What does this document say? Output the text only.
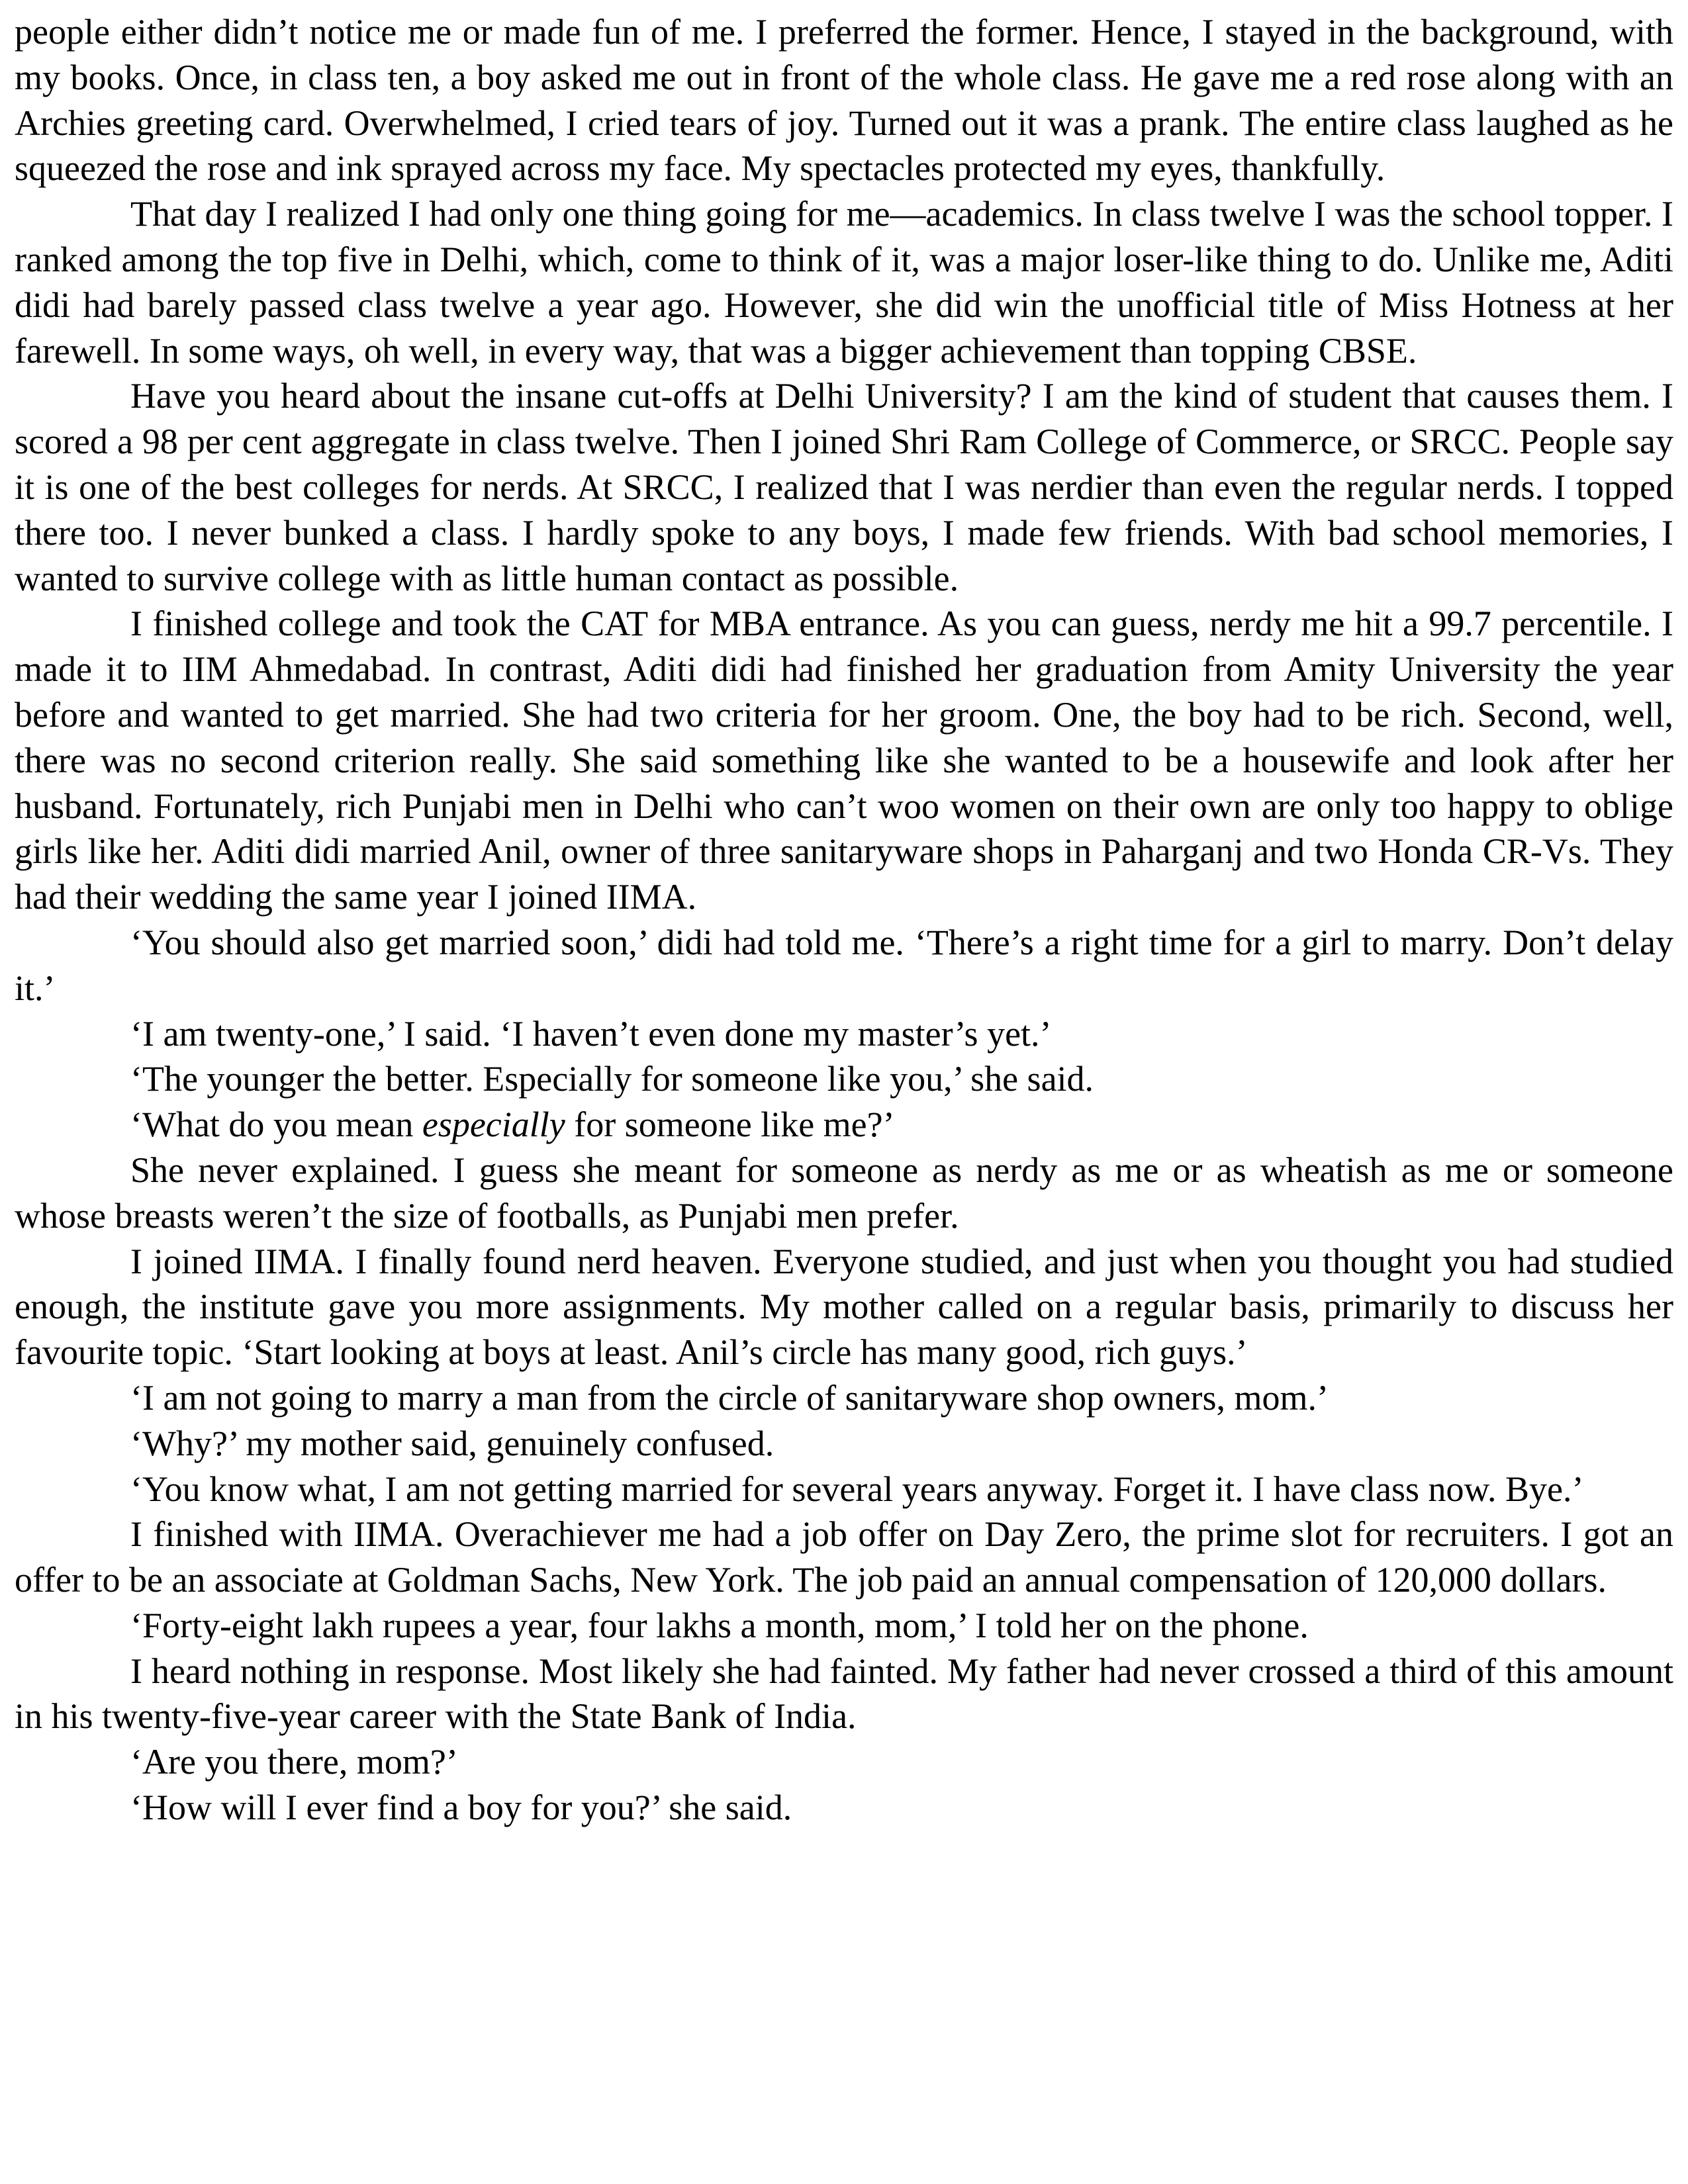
people either didn’t notice me or made fun of me. I preferred the former. Hence, I stayed in the background, with my books. Once, in class ten, a boy asked me out in front of the whole class. He gave me a red rose along with an Archies greeting card. Overwhelmed, I cried tears of joy. Turned out it was a prank. The entire class laughed as he squeezed the rose and ink sprayed across my face. My spectacles protected my eyes, thankfully.

That day I realized I had only one thing going for me—academics. In class twelve I was the school topper. I ranked among the top five in Delhi, which, come to think of it, was a major loser-like thing to do. Unlike me, Aditi didi had barely passed class twelve a year ago. However, she did win the unofficial title of Miss Hotness at her farewell. In some ways, oh well, in every way, that was a bigger achievement than topping CBSE.

Have you heard about the insane cut-offs at Delhi University? I am the kind of student that causes them. I scored a 98 per cent aggregate in class twelve. Then I joined Shri Ram College of Commerce, or SRCC. People say it is one of the best colleges for nerds. At SRCC, I realized that I was nerdier than even the regular nerds. I topped there too. I never bunked a class. I hardly spoke to any boys, I made few friends. With bad school memories, I wanted to survive college with as little human contact as possible.

I finished college and took the CAT for MBA entrance. As you can guess, nerdy me hit a 99.7 percentile. I made it to IIM Ahmedabad. In contrast, Aditi didi had finished her graduation from Amity University the year before and wanted to get married. She had two criteria for her groom. One, the boy had to be rich. Second, well, there was no second criterion really. She said something like she wanted to be a housewife and look after her husband. Fortunately, rich Punjabi men in Delhi who can’t woo women on their own are only too happy to oblige girls like her. Aditi didi married Anil, owner of three sanitaryware shops in Paharganj and two Honda CR-Vs. They had their wedding the same year I joined IIMA.

‘You should also get married soon,’ didi had told me. ‘There’s a right time for a girl to marry. Don’t delay it.’

‘I am twenty-one,’ I said. ‘I haven’t even done my master’s yet.’

‘The younger the better. Especially for someone like you,’ she said.

‘What do you mean especially for someone like me?’

She never explained. I guess she meant for someone as nerdy as me or as wheatish as me or someone whose breasts weren’t the size of footballs, as Punjabi men prefer.

I joined IIMA. I finally found nerd heaven. Everyone studied, and just when you thought you had studied enough, the institute gave you more assignments. My mother called on a regular basis, primarily to discuss her favourite topic. ‘Start looking at boys at least. Anil’s circle has many good, rich guys.’

‘I am not going to marry a man from the circle of sanitaryware shop owners, mom.’

‘Why?’ my mother said, genuinely confused.

‘You know what, I am not getting married for several years anyway. Forget it. I have class now. Bye.’

I finished with IIMA. Overachiever me had a job offer on Day Zero, the prime slot for recruiters. I got an offer to be an associate at Goldman Sachs, New York. The job paid an annual compensation of 120,000 dollars.

‘Forty-eight lakh rupees a year, four lakhs a month, mom,’ I told her on the phone.

I heard nothing in response. Most likely she had fainted. My father had never crossed a third of this amount in his twenty-five-year career with the State Bank of India.

‘Are you there, mom?’

‘How will I ever find a boy for you?’ she said.
